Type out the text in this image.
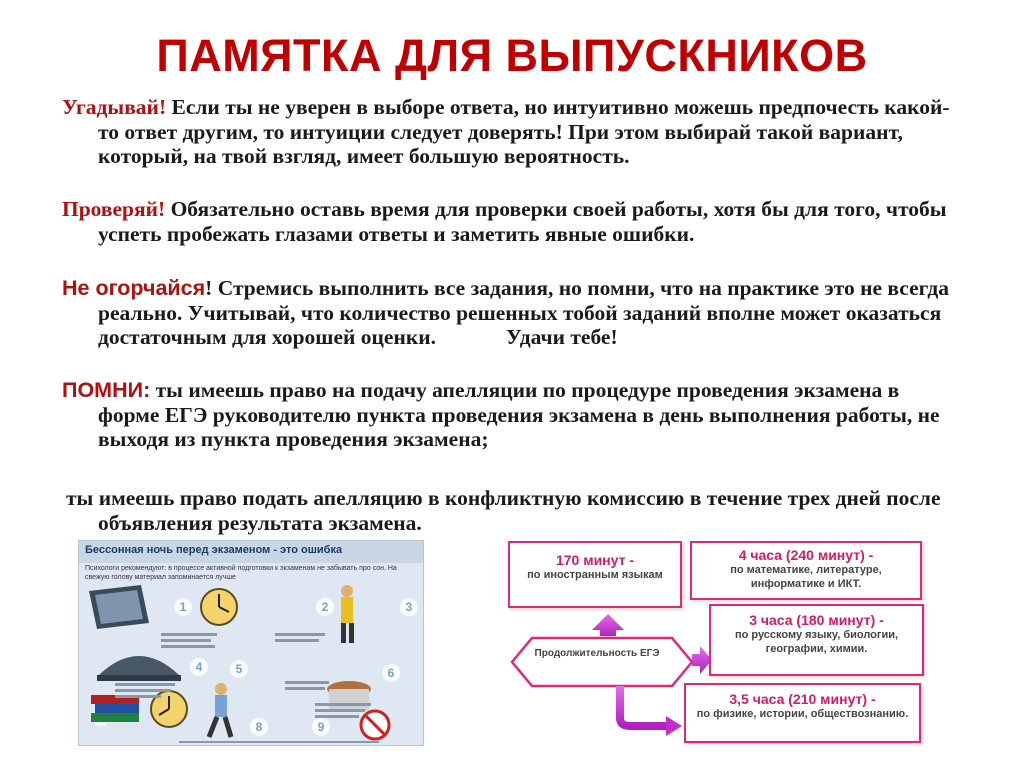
ПАМЯТКА ДЛЯ ВЫПУСКНИКОВ
Угадывай! Если ты не уверен в выборе ответа, но интуитивно можешь предпочесть какой-то ответ другим, то интуиции следует доверять! При этом выбирай такой вариант, который, на твой взгляд, имеет большую вероятность.
Проверяй! Обязательно оставь время для проверки своей работы, хотя бы для того, чтобы успеть пробежать глазами ответы и заметить явные ошибки.
Не огорчайся! Стремись выполнить все задания, но помни, что на практике это не всегда реально. Учитывай, что количество решенных тобой заданий вполне может оказаться достаточным для хорошей оценки.	Удачи тебе!
ПОМНИ: ты имеешь право на подачу апелляции по процедуре проведения экзамена в форме ЕГЭ руководителю пункта проведения экзамена в день выполнения работы, не выходя из пункта проведения экзамена;
ты имеешь право подать апелляцию в конфликтную комиссию в течение трех дней после объявления результата экзамена.
Бессонная ночь перед экзаменом - это ошибка
Психологи рекомендуют: в процессе активной подготовки к экзаменам не забывать про сон. На свежую голову материал запоминается лучше
1	2	3
4	5	6
8	9
Продолжительность ЕГЭ
170 минут -
по иностранным языкам
4 часа (240 минут) -
по математике, литературе, информатике и ИКТ.
3 часа (180 минут) -
по русскому языку, биологии, географии, химии.
3,5 часа (210 минут) -
по физике, истории, обществознанию.
